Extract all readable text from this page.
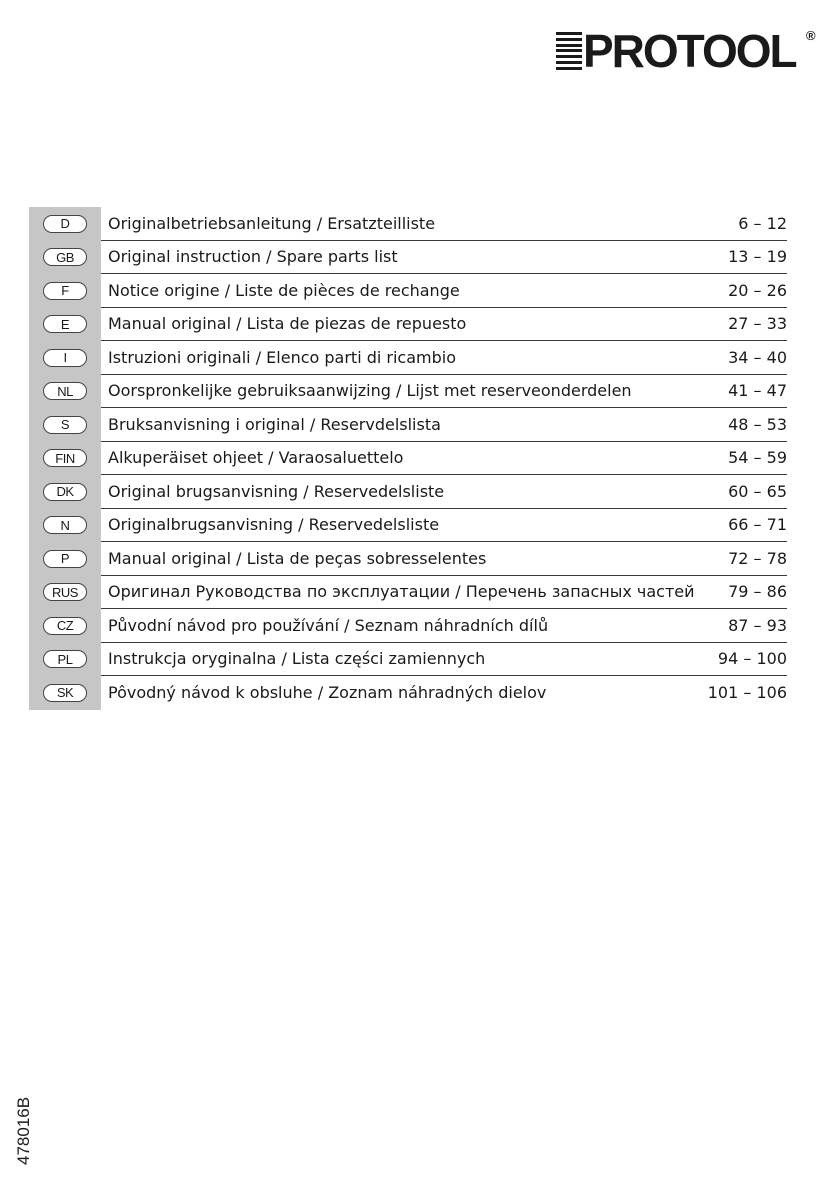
PROTOOL ®
D	Originalbetriebsanleitung / Ersatzteilliste	6 – 12
GB	Original instruction / Spare parts list	13 – 19
F	Notice origine / Liste de pièces de rechange	20 – 26
E	Manual original / Lista de piezas de repuesto	27 – 33
I	Istruzioni originali / Elenco parti di ricambio	34 – 40
NL	Oorspronkelijke gebruiksaanwijzing / Lijst met reserveonderdelen	41 – 47
S	Bruksanvisning i original / Reservdelslista	48 – 53
FIN	Alkuperäiset ohjeet / Varaosaluettelo	54 – 59
DK	Original brugsanvisning / Reservedelsliste	60 – 65
N	Originalbrugsanvisning / Reservedelsliste	66 – 71
P	Manual original / Lista de peças sobresselentes	72 – 78
RUS	Оригинал Руководства по эксплуатации / Перечень запасных частей 79 – 86
CZ	Původní návod pro používání / Seznam náhradních dílů	87 – 93
PL	Instrukcja oryginalna / Lista części zamiennych	94 – 100
SK	Pôvodný návod k obsluhe / Zoznam náhradných dielov	101 – 106
478016B
